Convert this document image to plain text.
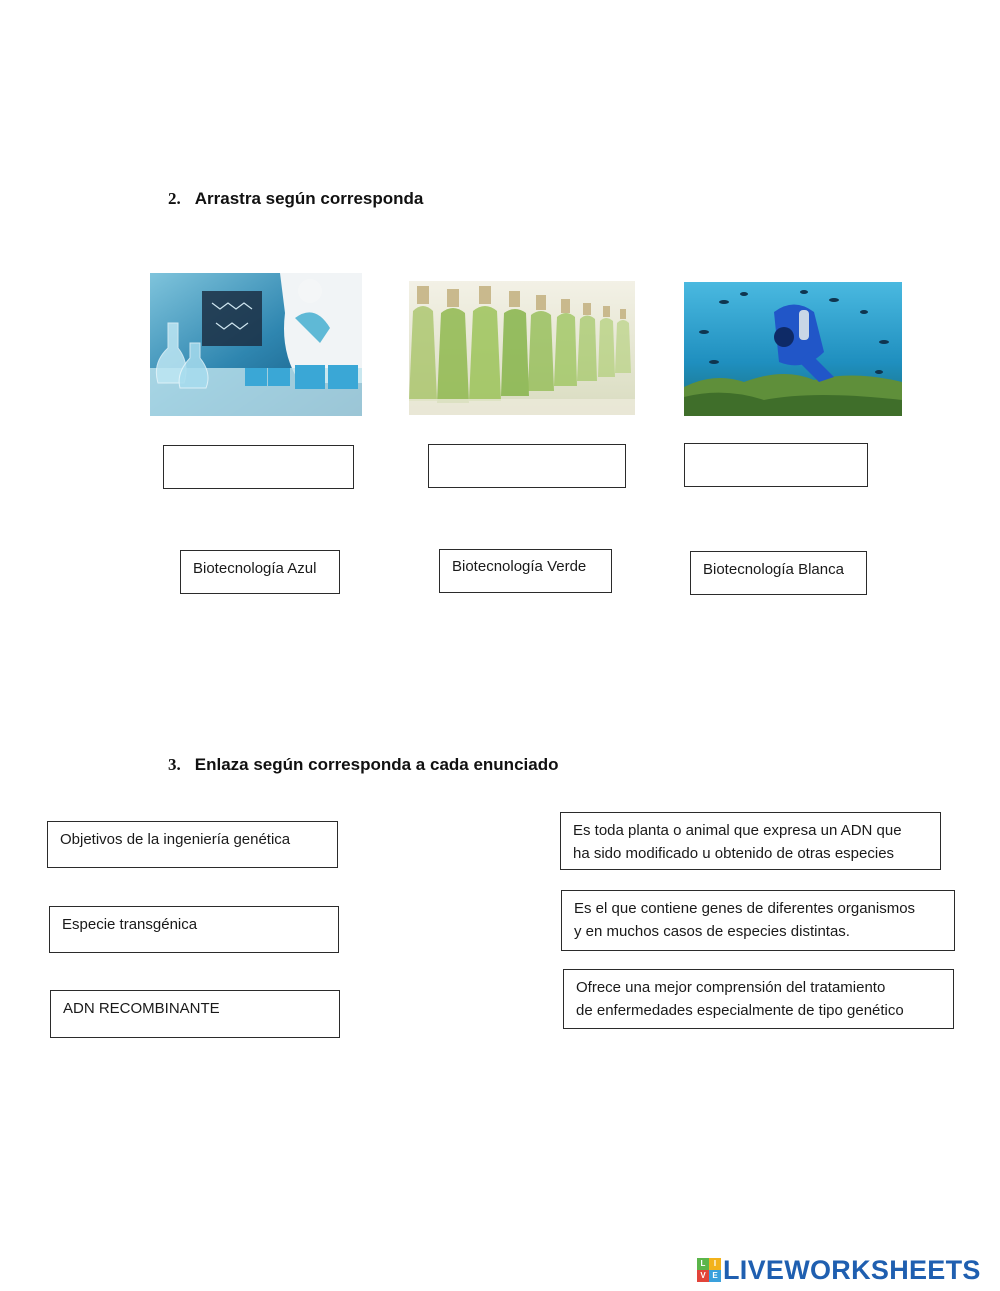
2. Arrastra según corresponda
Biotecnología Azul	Biotecnología Verde	Biotecnología Blanca
3. Enlaza según corresponda a cada enunciado
Objetivos de la ingeniería genética
Especie transgénica
ADN RECOMBINANTE
Es toda planta o animal que expresa un ADN que
ha sido modificado u obtenido de otras especies
Es el que contiene genes de diferentes organismos
y en muchos casos de especies distintas.
Ofrece una mejor comprensión del tratamiento
de enfermedades especialmente de tipo genético
L	I
V E LIVEWORKSHEETS
